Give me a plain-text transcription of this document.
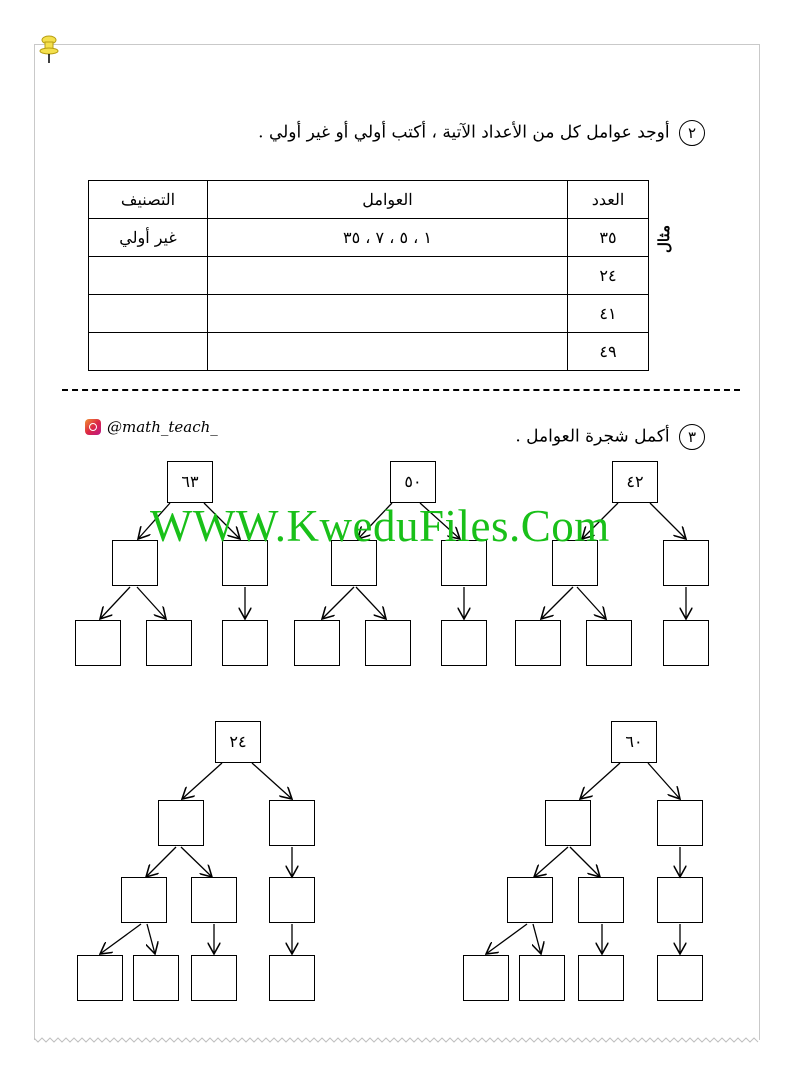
٢ أوجد عوامل كل من الأعداد الآتية ، أكتب أولي أو غير أولي .
مثال
العدد	العوامل	التصنيف
٣٥	١ ، ٥ ، ٧ ، ٣٥	غير أولي
٢٤		
٤١		
٤٩		
@math_teach_
٣ أكمل شجرة العوامل .
٤٢
٥٠
٦٣
٦٠
٢٤
WWW.KweduFiles.Com
